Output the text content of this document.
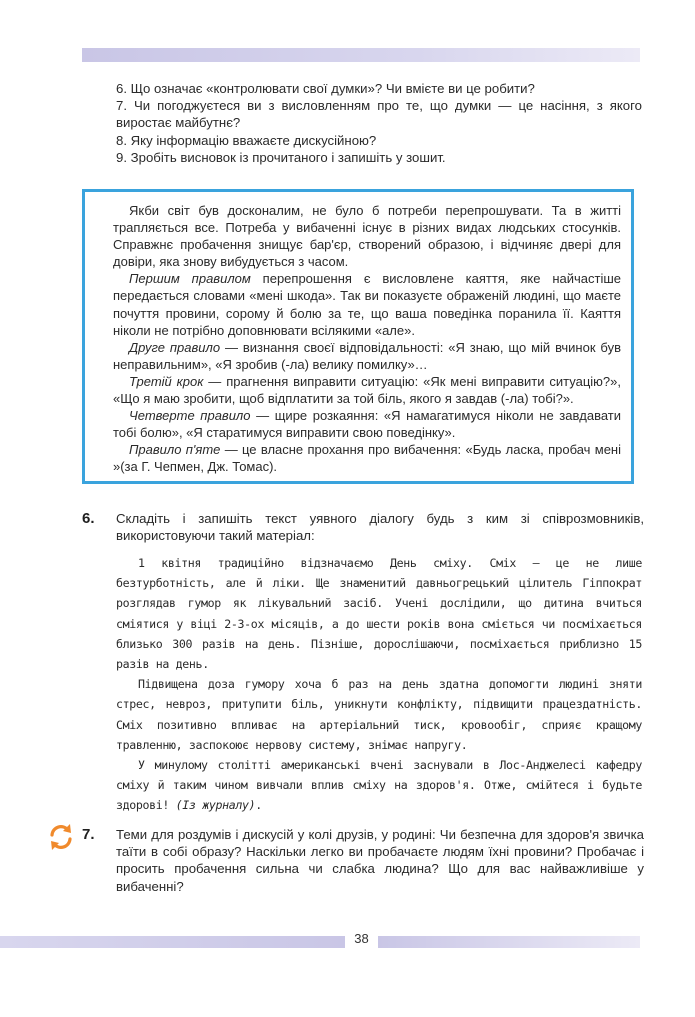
6. Що означає «контролювати свої думки»? Чи вмієте ви це робити?
7. Чи погоджуєтеся ви з висловленням про те, що думки — це насіння, з якого виростає майбутнє?
8. Яку інформацію вважаєте дискусійною?
9. Зробіть висновок із прочитаного і запишіть у зошит.

Якби світ був досконалим, не було б потреби перепрошувати. Та в житті трапляється все. Потреба у вибаченні існує в різних видах людських стосунків. Справжнє пробачення знищує бар'єр, створений образою, і відчиняє двері для довіри, яка знову вибудується з часом.

Першим правилом перепрошення є висловлене каяття, яке найчастіше передається словами «мені шкода». Так ви показуєте ображеній людині, що маєте почуття провини, сорому й болю за те, що ваша поведінка поранила її. Каяття ніколи не потрібно доповнювати всілякими «але».

Друге правило — визнання своєї відповідальності: «Я знаю, що мій вчинок був неправильним», «Я зробив (-ла) велику помилку»…

Третій крок — прагнення виправити ситуацію: «Як мені виправити ситуацію?», «Що я маю зробити, щоб відплатити за той біль, якого я завдав (-ла) тобі?».

Четверте правило — щире розкаяння: «Я намагатимуся ніколи не завдавати тобі болю», «Я старатимуся виправити свою поведінку».

Правило п'яте — це власне прохання про вибачення: «Будь ласка, пробач мені »(за Г. Чепмен, Дж. Томас).

6. Складіть і запишіть текст уявного діалогу будь з ким зі співрозмовників, використовуючи такий матеріал:

1 квітня традиційно відзначаємо День сміху. Сміх — це не лише безтурботність, але й ліки. Ще знаменитий давньогрецький цілитель Гіппократ розглядав гумор як лікувальний засіб. Учені дослідили, що дитина вчиться сміятися у віці 2-3-ох місяців, а до шести років вона сміється чи посміхається близько 300 разів на день. Пізніше, дорослішаючи, посміхається приблизно 15 разів на день.

Підвищена доза гумору хоча б раз на день здатна допомогти людині зняти стрес, невроз, притупити біль, уникнути конфлікту, підвищити працездатність. Сміх позитивно впливає на артеріальний тиск, кровообіг, сприяє кращому травленню, заспокоює нервову систему, знімає напругу.

У минулому столітті американські вчені заснували в Лос-Анджелесі кафедру сміху й таким чином вивчали вплив сміху на здоров'я. Отже, смійтеся і будьте здорові! (Із журналу).

7. Теми для роздумів і дискусій у колі друзів, у родині: Чи безпечна для здоров'я звичка таїти в собі образу? Наскільки легко ви пробачаєте людям їхні провини? Пробачає і просить пробачення сильна чи слабка людина? Що для вас найважливіше у вибаченні?
38
